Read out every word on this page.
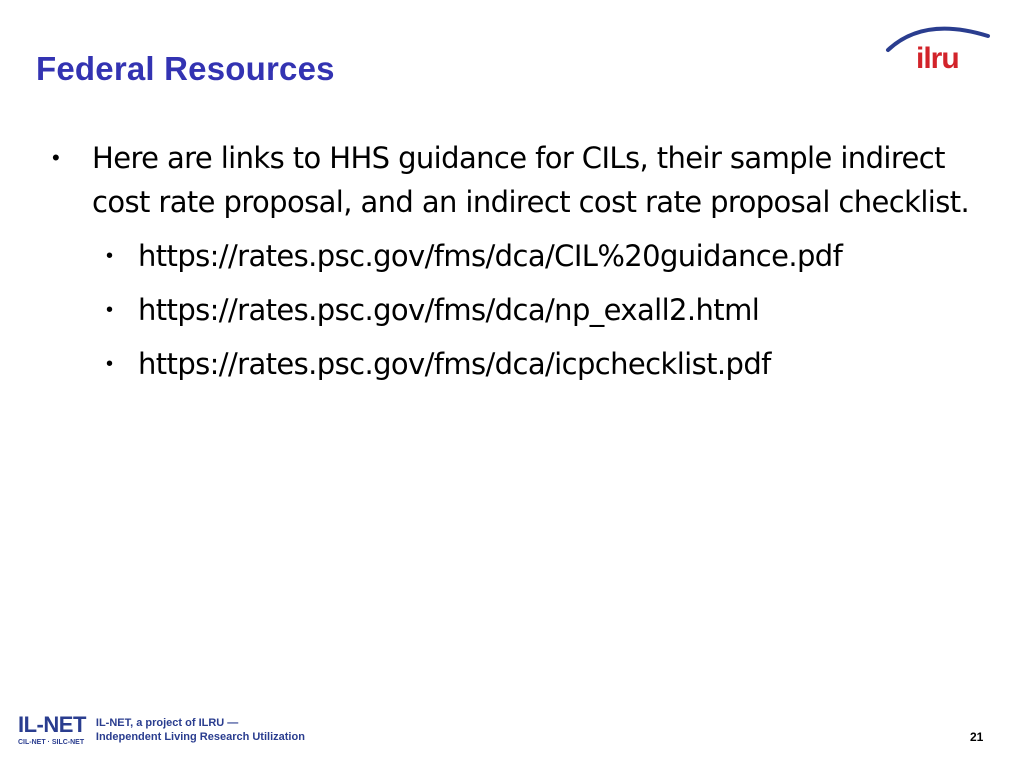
Federal Resources	ilru
•	Here are links to HHS guidance for CILs, their sample indirect cost rate proposal, and an indirect cost rate proposal checklist.
• https://rates.psc.gov/fms/dca/CIL%20guidance.pdf
• https://rates.psc.gov/fms/dca/np_exall2.html
• https://rates.psc.gov/fms/dca/icpchecklist.pdf
IL-NET
CIL-NET · SILC-NET
IL-NET, a project of ILRU —
Independent Living Research Utilization	21
